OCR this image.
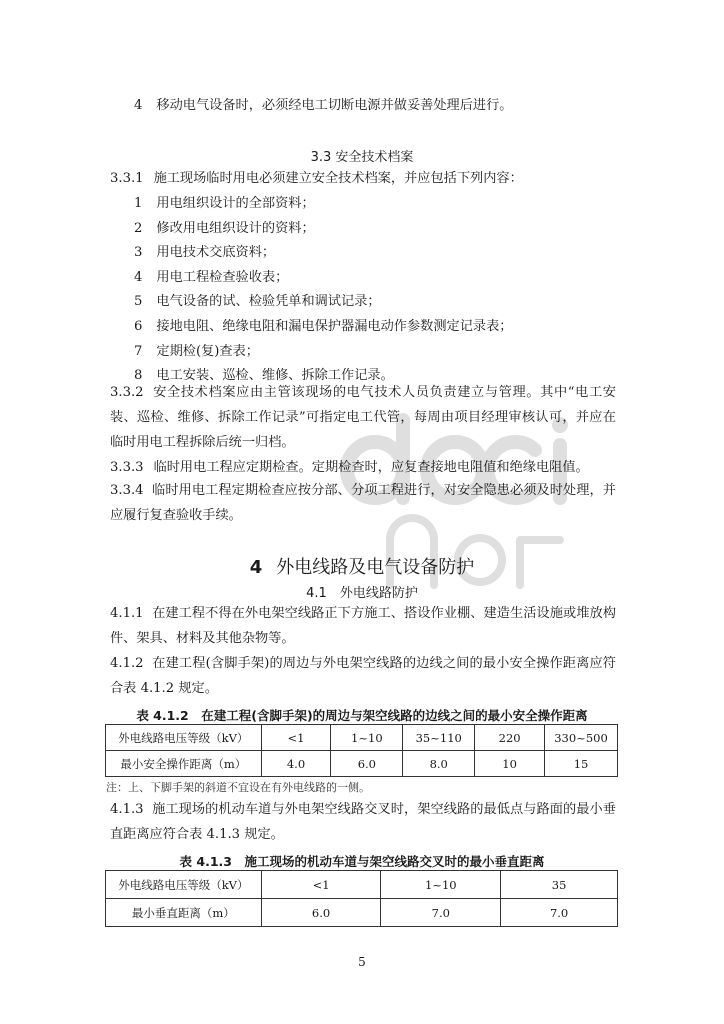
4 移动电气设备时，必须经电工切断电源并做妥善处理后进行。
3.3 安全技术档案
3.3.1 施工现场临时用电必须建立安全技术档案，并应包括下列内容：
1 用电组织设计的全部资料；
2 修改用电组织设计的资料；
3 用电技术交底资料；
4 用电工程检查验收表；
5 电气设备的试、检验凭单和调试记录；
6 接地电阻、绝缘电阻和漏电保护器漏电动作参数测定记录表；
7 定期检(复)查表；
8 电工安装、巡检、维修、拆除工作记录。
3.3.2 安全技术档案应由主管该现场的电气技术人员负责建立与管理。其中“电工安装、巡检、维修、拆除工作记录”可指定电工代管，每周由项目经理审核认可，并应在临时用电工程拆除后统一归档。
3.3.3 临时用电工程应定期检查。定期检查时，应复查接地电阻值和绝缘电阻值。
3.3.4 临时用电工程定期检查应按分部、分项工程进行，对安全隐患必须及时处理，并应履行复查验收手续。
4 外电线路及电气设备防护
4.1　外电线路防护
4.1.1 在建工程不得在外电架空线路正下方施工、搭设作业棚、建造生活设施或堆放构件、架具、材料及其他杂物等。
4.1.2 在建工程(含脚手架)的周边与外电架空线路的边线之间的最小安全操作距离应符合表 4.1.2 规定。
表 4.1.2　在建工程(含脚手架)的周边与架空线路的边线之间的最小安全操作距离
外电线路电压等级（kV）	<1	1~10	35~110	220	330~500
最小安全操作距离（m）	4.0	6.0	8.0	10	15
注：上、下脚手架的斜道不宜设在有外电线路的一侧。
4.1.3 施工现场的机动车道与外电架空线路交叉时，架空线路的最低点与路面的最小垂直距离应符合表 4.1.3 规定。
表 4.1.3　施工现场的机动车道与架空线路交叉时的最小垂直距离
外电线路电压等级（kV）	<1	1~10	35
最小垂直距离（m）	6.0	7.0	7.0
5
